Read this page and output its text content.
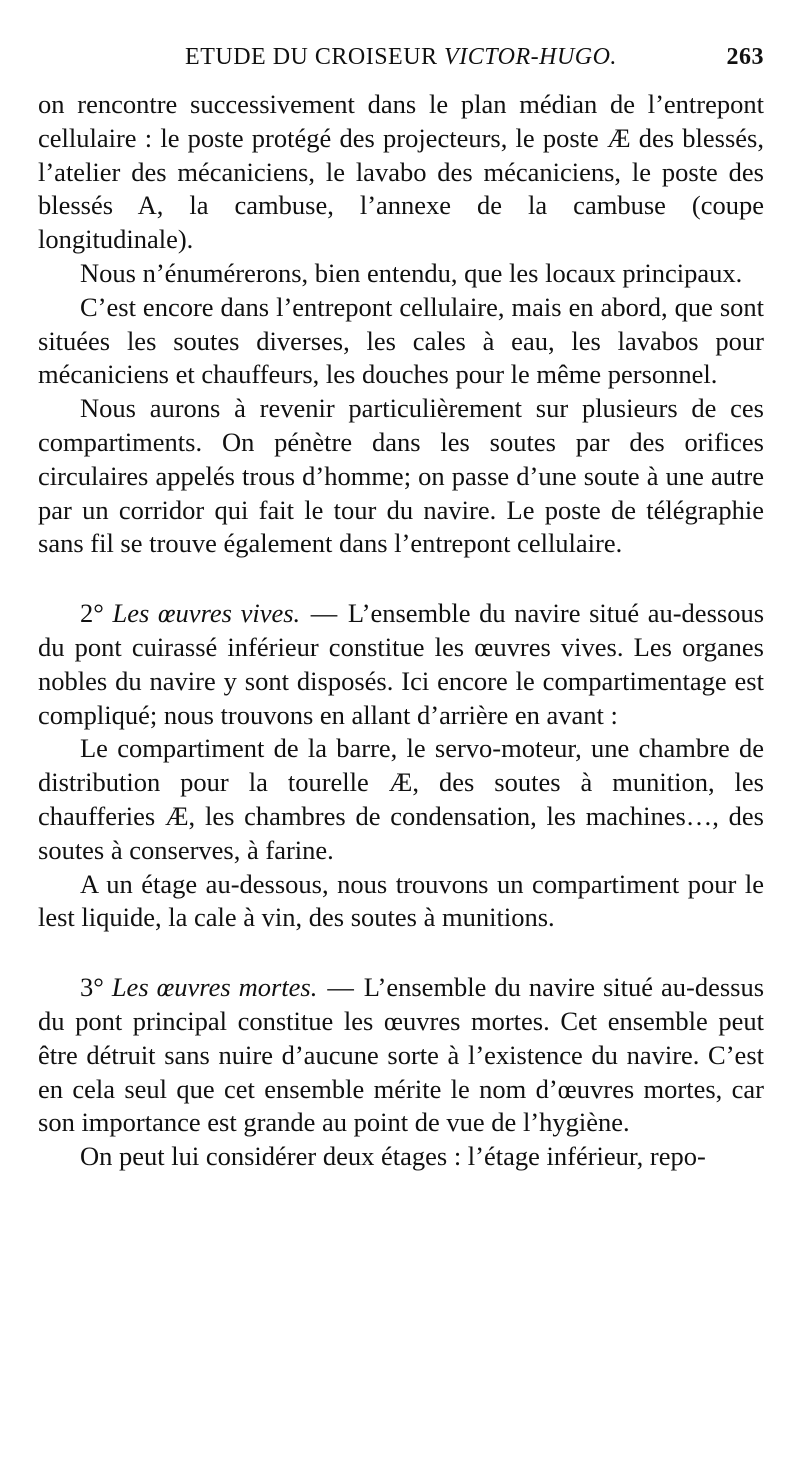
ETUDE DU CROISEUR VICTOR-HUGO.	263

on rencontre successivement dans le plan médian de l’entrepont cellulaire : le poste protégé des projecteurs, le poste Æ des blessés, l’atelier des mécaniciens, le lavabo des mécaniciens, le poste des blessés A, la cambuse, l’annexe de la cambuse (coupe longitudinale).

Nous n’énumérerons, bien entendu, que les locaux principaux.

C’est encore dans l’entrepont cellulaire, mais en abord, que sont situées les soutes diverses, les cales à eau, les lavabos pour mécaniciens et chauffeurs, les douches pour le même personnel.

Nous aurons à revenir particulièrement sur plusieurs de ces compartiments. On pénètre dans les soutes par des orifices circulaires appelés trous d’homme; on passe d’une soute à une autre par un corridor qui fait le tour du navire. Le poste de télégraphie sans fil se trouve également dans l’entrepont cellulaire.

2° Les œuvres vives. — L’ensemble du navire situé au-dessous du pont cuirassé inférieur constitue les œuvres vives. Les organes nobles du navire y sont disposés. Ici encore le compartimentage est compliqué; nous trouvons en allant d’arrière en avant :

Le compartiment de la barre, le servo-moteur, une chambre de distribution pour la tourelle Æ, des soutes à munition, les chaufferies Æ, les chambres de condensation, les machines…, des soutes à conserves, à farine.

A un étage au-dessous, nous trouvons un compartiment pour le lest liquide, la cale à vin, des soutes à munitions.

3° Les œuvres mortes. — L’ensemble du navire situé au-dessus du pont principal constitue les œuvres mortes. Cet ensemble peut être détruit sans nuire d’aucune sorte à l’existence du navire. C’est en cela seul que cet ensemble mérite le nom d’œuvres mortes, car son importance est grande au point de vue de l’hygiène.

On peut lui considérer deux étages : l’étage inférieur, repo-
